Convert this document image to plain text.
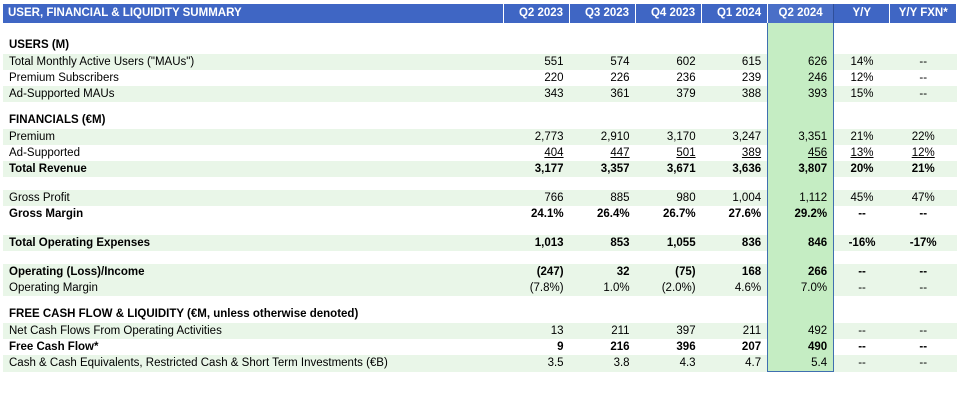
USER, FINANCIAL & LIQUIDITY SUMMARY	Q2 2023	Q3 2023	Q4 2023	Q1 2024	Q2 2024	Y/Y	Y/Y FXN*

USERS (M)							
Total Monthly Active Users ("MAUs")	551	574	602	615	626	14%	--
Premium Subscribers	220	226	236	239	246	12%	--
Ad-Supported MAUs	343	361	379	388	393	15%	--

FINANCIALS (€M)							
Premium	2,773	2,910	3,170	3,247	3,351	21%	22%
Ad-Supported	404	447	501	389	456	13%	12%
Total Revenue	3,177	3,357	3,671	3,636	3,807	20%	21%

Gross Profit	766	885	980	1,004	1,112	45%	47%
Gross Margin	24.1%	26.4%	26.7%	27.6%	29.2%	--	--

Total Operating Expenses	1,013	853	1,055	836	846	-16%	-17%

Operating (Loss)/Income	(247)	32	(75)	168	266	--	--
Operating Margin	(7.8%)	1.0%	(2.0%)	4.6%	7.0%	--	--

FREE CASH FLOW & LIQUIDITY (€M, unless otherwise denoted)							
Net Cash Flows From Operating Activities	13	211	397	211	492	--	--
Free Cash Flow*	9	216	396	207	490	--	--
Cash & Cash Equivalents, Restricted Cash & Short Term Investments (€B)	3.5	3.8	4.3	4.7	5.4	--	--
